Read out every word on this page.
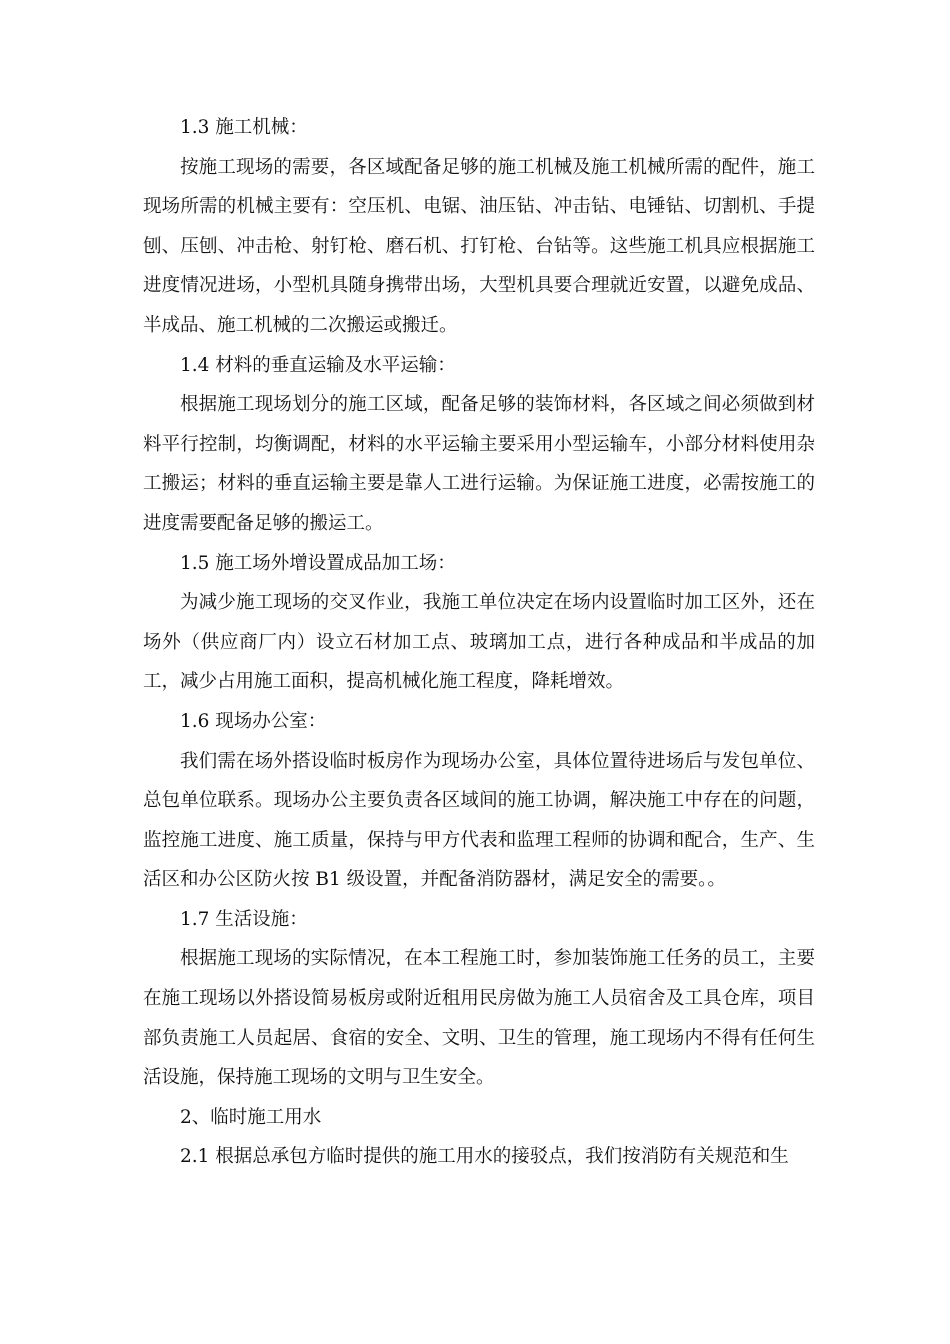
1.3 施工机械：

按施工现场的需要，各区域配备足够的施工机械及施工机械所需的配件，施工现场所需的机械主要有：空压机、电锯、油压钻、冲击钻、电锤钻、切割机、手提刨、压刨、冲击枪、射钉枪、磨石机、打钉枪、台钻等。这些施工机具应根据施工进度情况进场，小型机具随身携带出场，大型机具要合理就近安置，以避免成品、半成品、施工机械的二次搬运或搬迁。

1.4 材料的垂直运输及水平运输：

根据施工现场划分的施工区域，配备足够的装饰材料，各区域之间必须做到材料平行控制，均衡调配，材料的水平运输主要采用小型运输车，小部分材料使用杂工搬运；材料的垂直运输主要是靠人工进行运输。为保证施工进度，必需按施工的进度需要配备足够的搬运工。

1.5 施工场外增设置成品加工场：

为减少施工现场的交叉作业，我施工单位决定在场内设置临时加工区外，还在场外（供应商厂内）设立石材加工点、玻璃加工点，进行各种成品和半成品的加工，减少占用施工面积，提高机械化施工程度，降耗增效。

1.6 现场办公室：

我们需在场外搭设临时板房作为现场办公室，具体位置待进场后与发包单位、总包单位联系。现场办公主要负责各区域间的施工协调，解决施工中存在的问题，监控施工进度、施工质量，保持与甲方代表和监理工程师的协调和配合，生产、生活区和办公区防火按 B1 级设置，并配备消防器材，满足安全的需要。。

1.7 生活设施：

根据施工现场的实际情况，在本工程施工时，参加装饰施工任务的员工，主要在施工现场以外搭设简易板房或附近租用民房做为施工人员宿舍及工具仓库，项目部负责施工人员起居、食宿的安全、文明、卫生的管理，施工现场内不得有任何生活设施，保持施工现场的文明与卫生安全。

2、临时施工用水

2.1 根据总承包方临时提供的施工用水的接驳点，我们按消防有关规范和生
